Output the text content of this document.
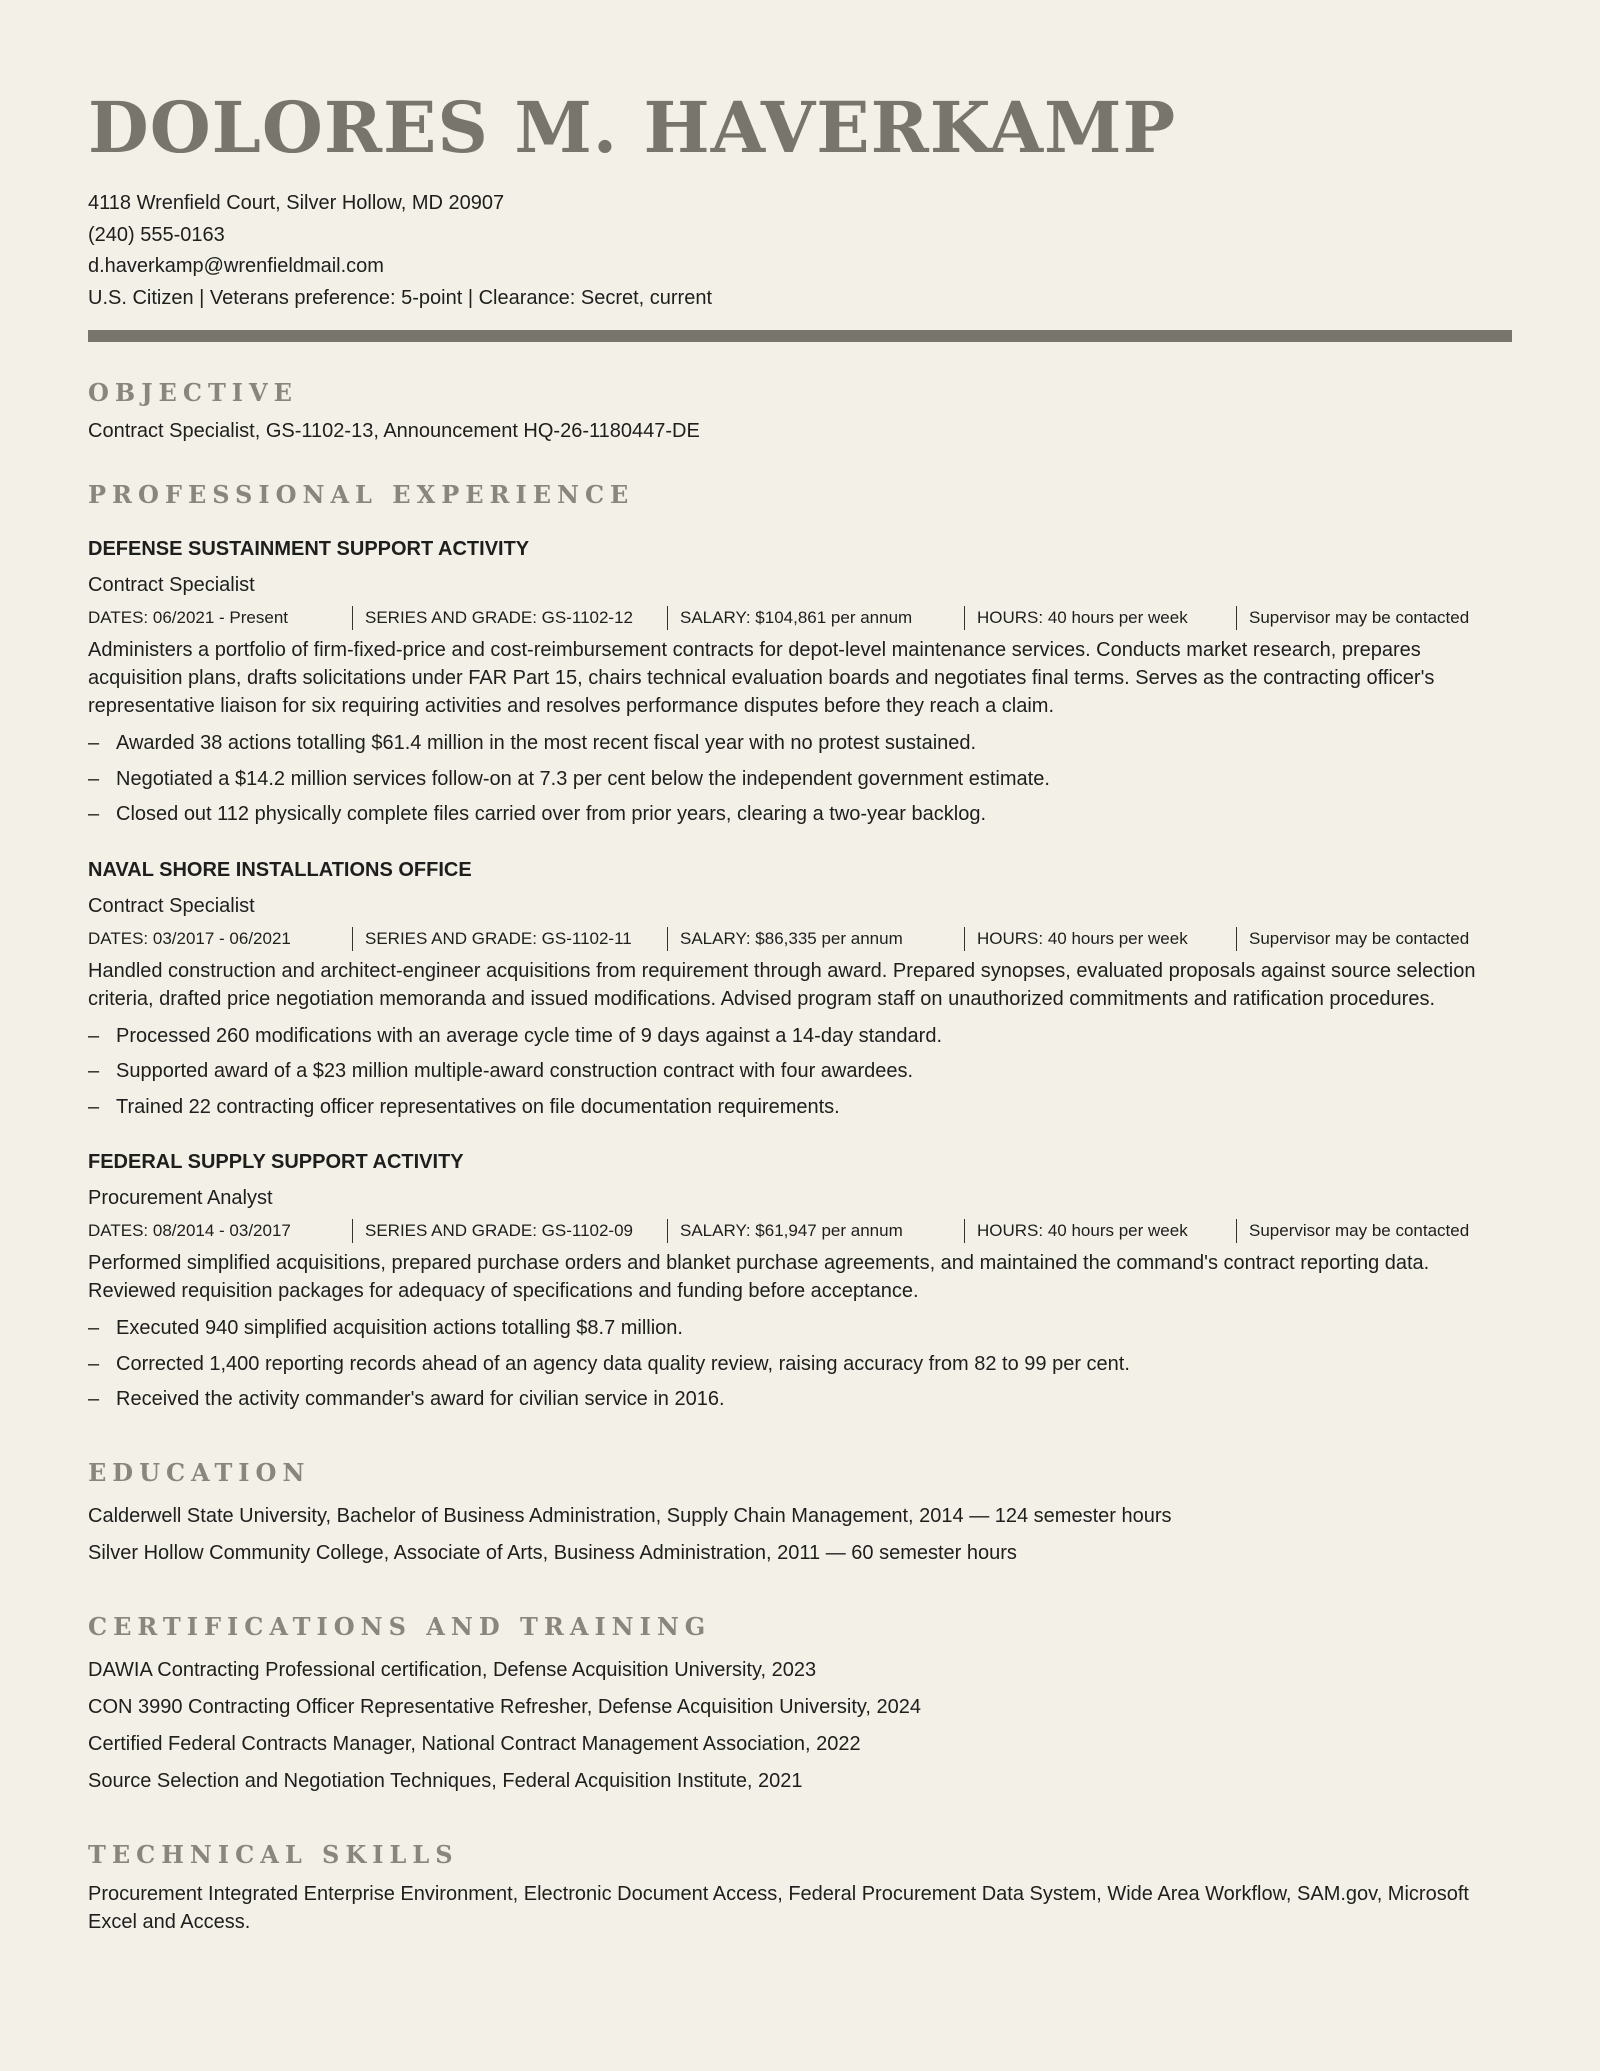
DOLORES M. HAVERKAMP
4118 Wrenfield Court, Silver Hollow, MD 20907
(240) 555-0163
d.haverkamp@wrenfieldmail.com
U.S. Citizen | Veterans preference: 5-point | Clearance: Secret, current
OBJECTIVE
Contract Specialist, GS-1102-13, Announcement HQ-26-1180447-DE
PROFESSIONAL EXPERIENCE
DEFENSE SUSTAINMENT SUPPORT ACTIVITY
Contract Specialist
DATES: 06/2021 - Present	SERIES AND GRADE: GS-1102-12	SALARY: $104,861 per annum	HOURS: 40 hours per week	Supervisor may be contacted
Administers a portfolio of firm-fixed-price and cost-reimbursement contracts for depot-level maintenance services. Conducts market research, prepares acquisition plans, drafts solicitations under FAR Part 15, chairs technical evaluation boards and negotiates final terms. Serves as the contracting officer's representative liaison for six requiring activities and resolves performance disputes before they reach a claim.
– Awarded 38 actions totalling $61.4 million in the most recent fiscal year with no protest sustained.
– Negotiated a $14.2 million services follow-on at 7.3 per cent below the independent government estimate.
– Closed out 112 physically complete files carried over from prior years, clearing a two-year backlog.
NAVAL SHORE INSTALLATIONS OFFICE
Contract Specialist
DATES: 03/2017 - 06/2021	SERIES AND GRADE: GS-1102-11	SALARY: $86,335 per annum	HOURS: 40 hours per week	Supervisor may be contacted
Handled construction and architect-engineer acquisitions from requirement through award. Prepared synopses, evaluated proposals against source selection criteria, drafted price negotiation memoranda and issued modifications. Advised program staff on unauthorized commitments and ratification procedures.
– Processed 260 modifications with an average cycle time of 9 days against a 14-day standard.
– Supported award of a $23 million multiple-award construction contract with four awardees.
– Trained 22 contracting officer representatives on file documentation requirements.
FEDERAL SUPPLY SUPPORT ACTIVITY
Procurement Analyst
DATES: 08/2014 - 03/2017	SERIES AND GRADE: GS-1102-09	SALARY: $61,947 per annum	HOURS: 40 hours per week	Supervisor may be contacted
Performed simplified acquisitions, prepared purchase orders and blanket purchase agreements, and maintained the command's contract reporting data. Reviewed requisition packages for adequacy of specifications and funding before acceptance.
– Executed 940 simplified acquisition actions totalling $8.7 million.
– Corrected 1,400 reporting records ahead of an agency data quality review, raising accuracy from 82 to 99 per cent.
– Received the activity commander's award for civilian service in 2016.
EDUCATION
Calderwell State University, Bachelor of Business Administration, Supply Chain Management, 2014 — 124 semester hours
Silver Hollow Community College, Associate of Arts, Business Administration, 2011 — 60 semester hours
CERTIFICATIONS AND TRAINING
DAWIA Contracting Professional certification, Defense Acquisition University, 2023
CON 3990 Contracting Officer Representative Refresher, Defense Acquisition University, 2024
Certified Federal Contracts Manager, National Contract Management Association, 2022
Source Selection and Negotiation Techniques, Federal Acquisition Institute, 2021
TECHNICAL SKILLS
Procurement Integrated Enterprise Environment, Electronic Document Access, Federal Procurement Data System, Wide Area Workflow, SAM.gov, Microsoft Excel and Access.
